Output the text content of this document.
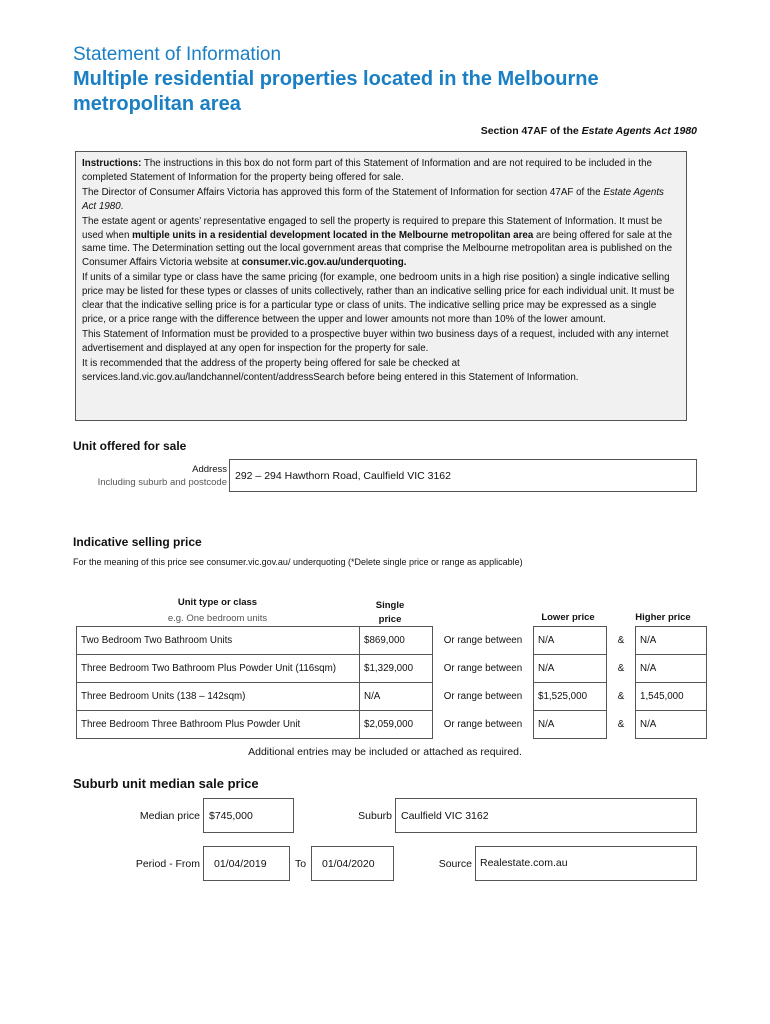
Statement of Information
Multiple residential properties located in the Melbourne metropolitan area
Section 47AF of the Estate Agents Act 1980

Instructions: The instructions in this box do not form part of this Statement of Information and are not required to be included in the completed Statement of Information for the property being offered for sale.

The Director of Consumer Affairs Victoria has approved this form of the Statement of Information for section 47AF of the Estate Agents Act 1980.

The estate agent or agents’ representative engaged to sell the property is required to prepare this Statement of Information. It must be used when multiple units in a residential development located in the Melbourne metropolitan area are being offered for sale at the same time. The Determination setting out the local government areas that comprise the Melbourne metropolitan area is published on the Consumer Affairs Victoria website at consumer.vic.gov.au/underquoting.

If units of a similar type or class have the same pricing (for example, one bedroom units in a high rise position) a single indicative selling price may be listed for these types or classes of units collectively, rather than an indicative selling price for each individual unit. It must be clear that the indicative selling price is for a particular type or class of units. The indicative selling price may be expressed as a single price, or a price range with the difference between the upper and lower amounts not more than 10% of the lower amount.

This Statement of Information must be provided to a prospective buyer within two business days of a request, included with any internet advertisement and displayed at any open for inspection for the property for sale.

It is recommended that the address of the property being offered for sale be checked at services.land.vic.gov.au/landchannel/content/addressSearch before being entered in this Statement of Information.

Unit offered for sale
Address
Including suburb and postcode
292 – 294 Hawthorn Road, Caulfield VIC 3162
Indicative selling price
For the meaning of this price see consumer.vic.gov.au/ underquoting (*Delete single price or range as applicable)
Unit type or class
e.g. One bedroom units
Single
price	Lower price	Higher price
Two Bedroom Two Bathroom Units	$869,000	Or range between	N/A	&	N/A
Three Bedroom Two Bathroom Plus Powder Unit (116sqm)	$1,329,000	Or range between	N/A	&	N/A
Three Bedroom Units (138 – 142sqm)	N/A	Or range between	$1,525,000	&	1,545,000
Three Bedroom Three Bathroom Plus Powder Unit	$2,059,000	Or range between	N/A	&	N/A
Additional entries may be included or attached as required.
Suburb unit median sale price
Median price $745,000	Suburb Caulfield VIC 3162
Period - From	01/04/2019	To	01/04/2020	Source Realestate.com.au
